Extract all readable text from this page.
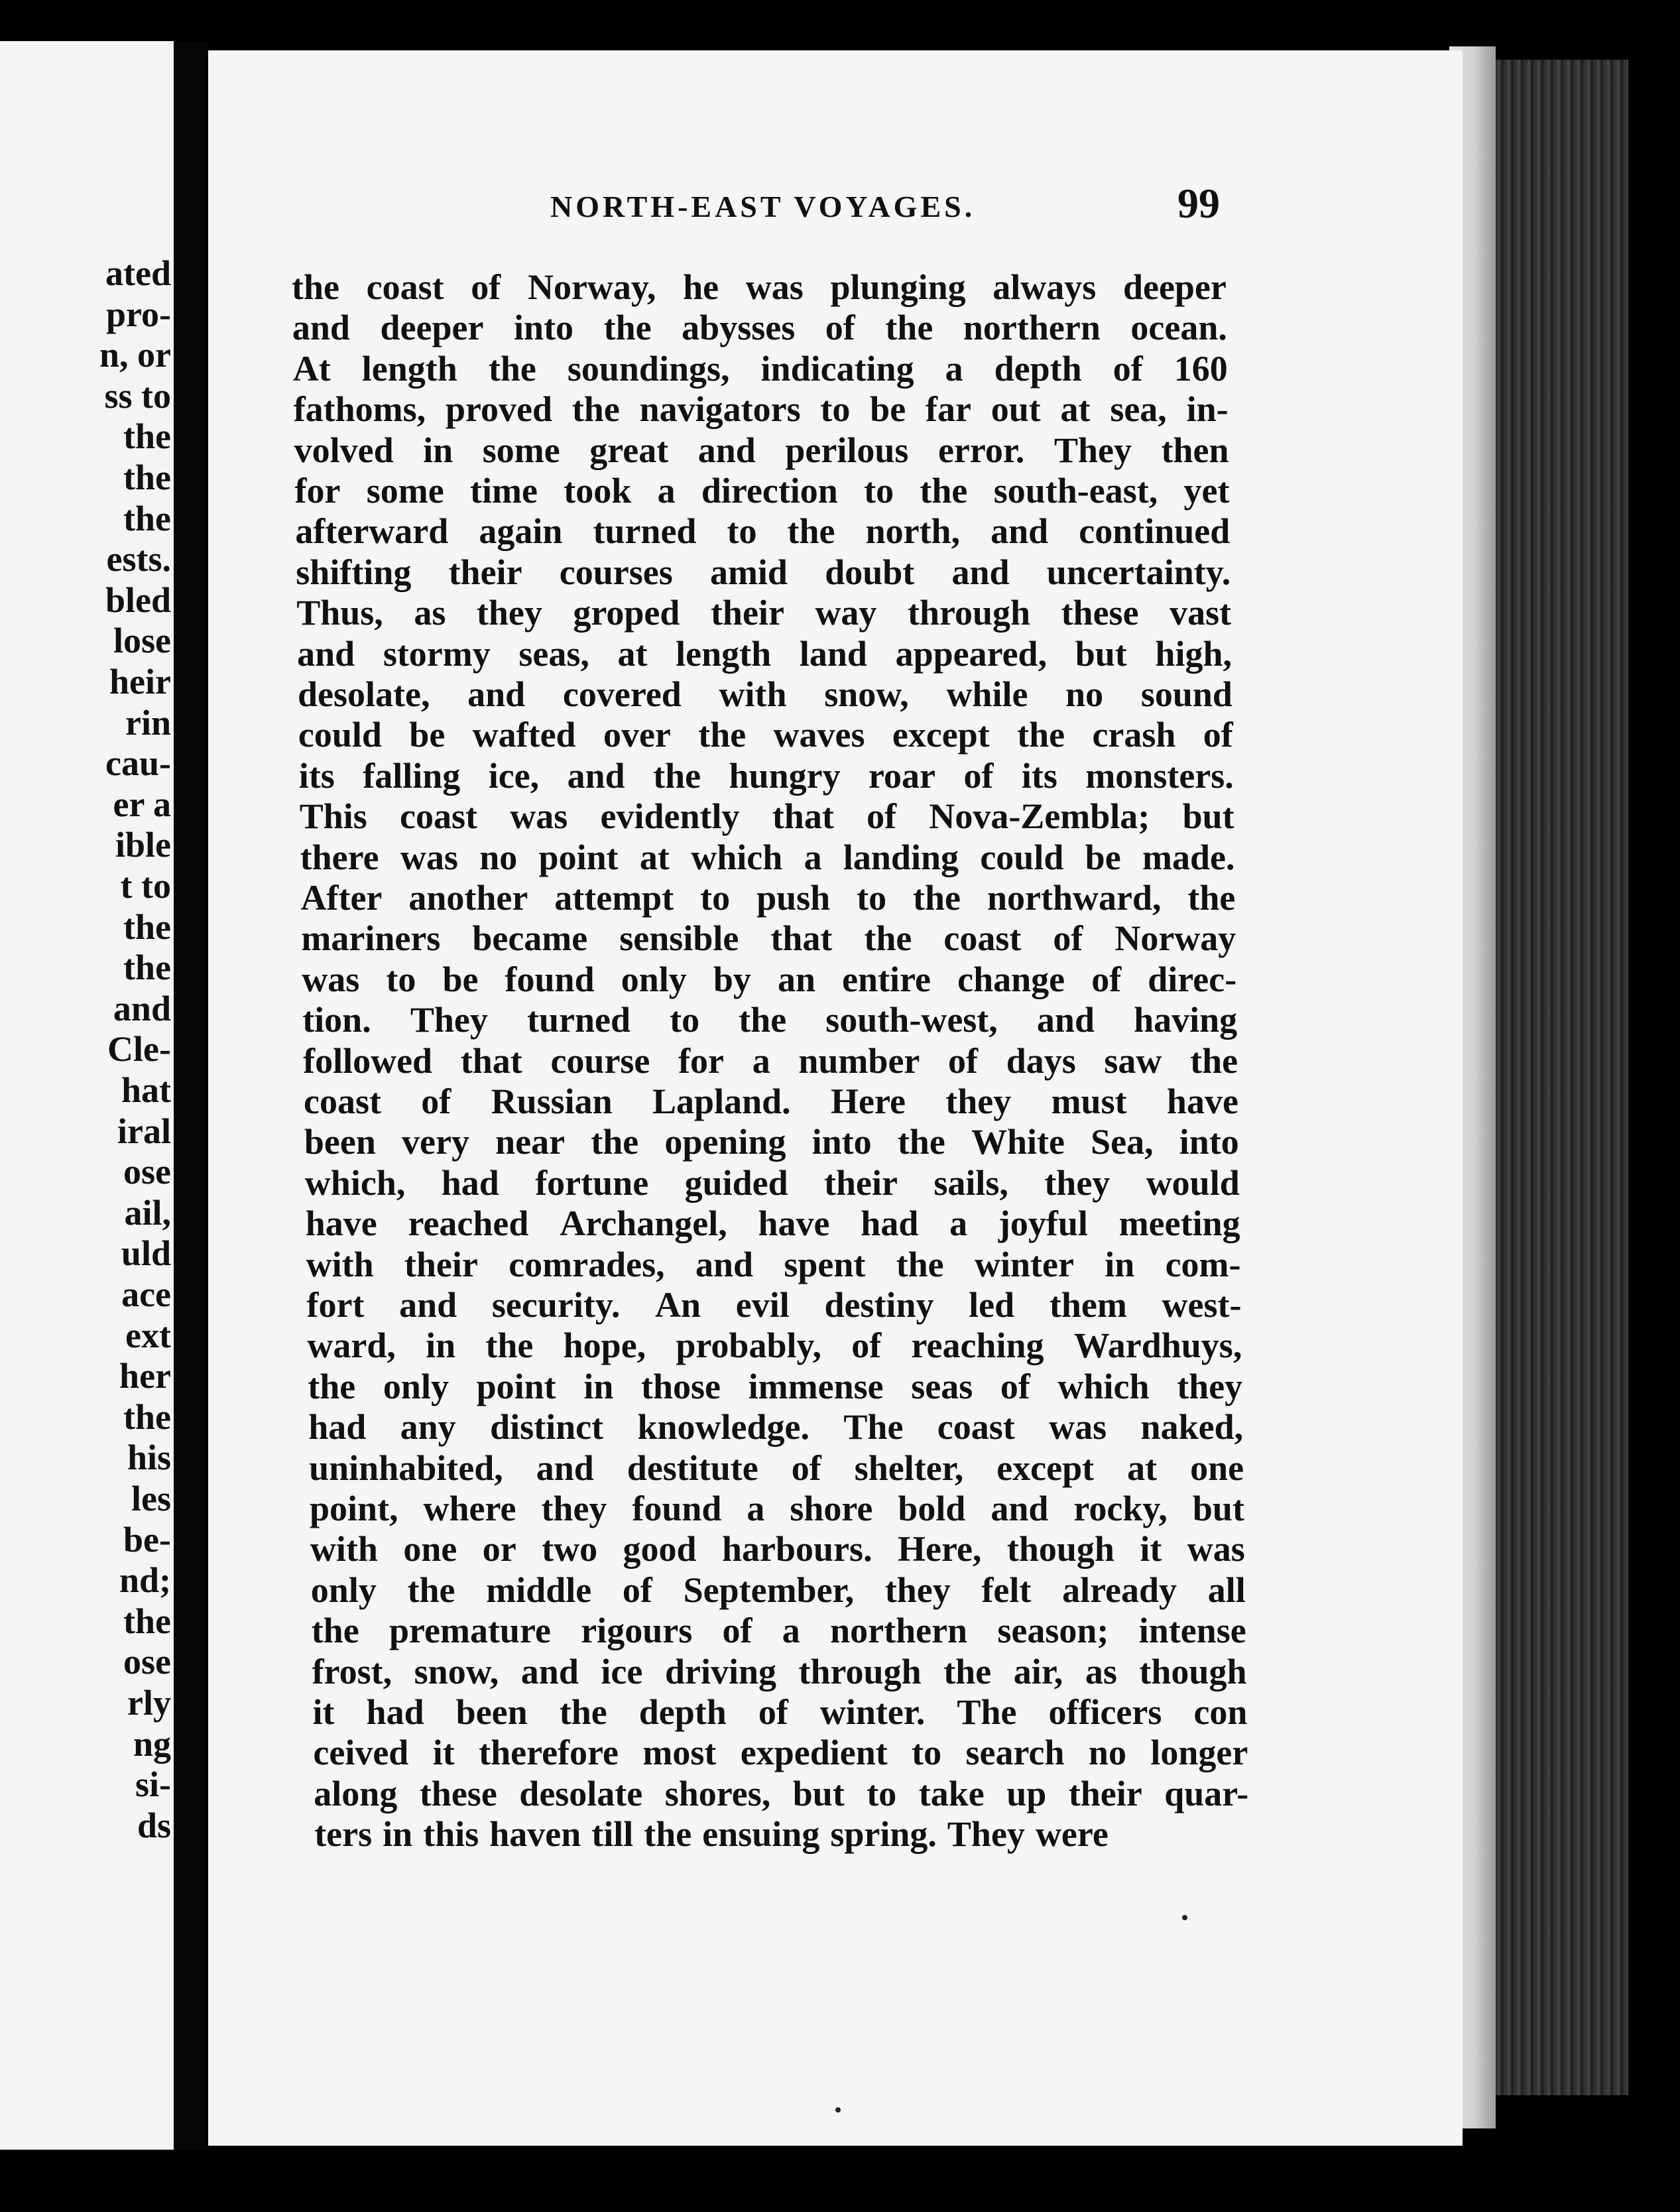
ated
pro-
n, or
ss to
the
the
the
ests.
bled
lose
heir
rin
cau-
er a
ible
t to
the
the
and
Cle-
hat
iral
ose
ail,
uld
ace
ext
her
the
his
les
be-
nd;
the
ose
rly
ng
si-
ds
NORTH-EAST VOYAGES.	99
the coast of Norway, he was plunging always deeper
and deeper into the abysses of the northern ocean.
At length the soundings, indicating a depth of 160
fathoms, proved the navigators to be far out at sea, in-
volved in some great and perilous error. They then
for some time took a direction to the south-east, yet
afterward again turned to the north, and continued
shifting their courses amid doubt and uncertainty.
Thus, as they groped their way through these vast
and stormy seas, at length land appeared, but high,
desolate, and covered with snow, while no sound
could be wafted over the waves except the crash of
its falling ice, and the hungry roar of its monsters.
This coast was evidently that of Nova-Zembla; but
there was no point at which a landing could be made.
After another attempt to push to the northward, the
mariners became sensible that the coast of Norway
was to be found only by an entire change of direc-
tion. They turned to the south-west, and having
followed that course for a number of days saw the
coast of Russian Lapland. Here they must have
been very near the opening into the White Sea, into
which, had fortune guided their sails, they would
have reached Archangel, have had a joyful meeting
with their comrades, and spent the winter in com-
fort and security. An evil destiny led them west-
ward, in the hope, probably, of reaching Wardhuys,
the only point in those immense seas of which they
had any distinct knowledge. The coast was naked,
uninhabited, and destitute of shelter, except at one
point, where they found a shore bold and rocky, but
with one or two good harbours. Here, though it was
only the middle of September, they felt already all
the premature rigours of a northern season; intense
frost, snow, and ice driving through the air, as though
it had been the depth of winter. The officers con
ceived it therefore most expedient to search no longer
along these desolate shores, but to take up their quar-
ters in this haven till the ensuing spring. They were
